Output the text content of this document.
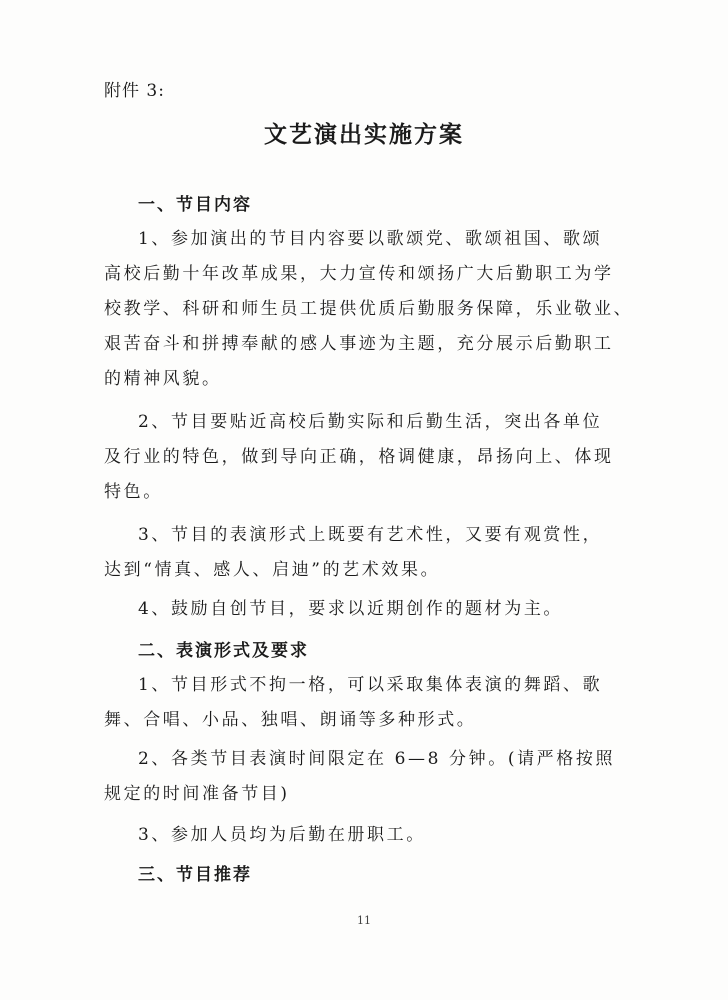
附件 3:
文艺演出实施方案
一、节目内容
1、参加演出的节目内容要以歌颂党、歌颂祖国、歌颂
高校后勤十年改革成果，大力宣传和颂扬广大后勤职工为学
校教学、科研和师生员工提供优质后勤服务保障，乐业敬业、
艰苦奋斗和拼搏奉献的感人事迹为主题，充分展示后勤职工
的精神风貌。
2、节目要贴近高校后勤实际和后勤生活，突出各单位
及行业的特色，做到导向正确，格调健康，昂扬向上、体现
特色。
3、节目的表演形式上既要有艺术性，又要有观赏性，
达到“情真、感人、启迪”的艺术效果。
4、鼓励自创节目，要求以近期创作的题材为主。
二、表演形式及要求
1、节目形式不拘一格，可以采取集体表演的舞蹈、歌
舞、合唱、小品、独唱、朗诵等多种形式。
2、各类节目表演时间限定在 6—8 分钟。(请严格按照
规定的时间准备节目)
3、参加人员均为后勤在册职工。
三、节目推荐
11
